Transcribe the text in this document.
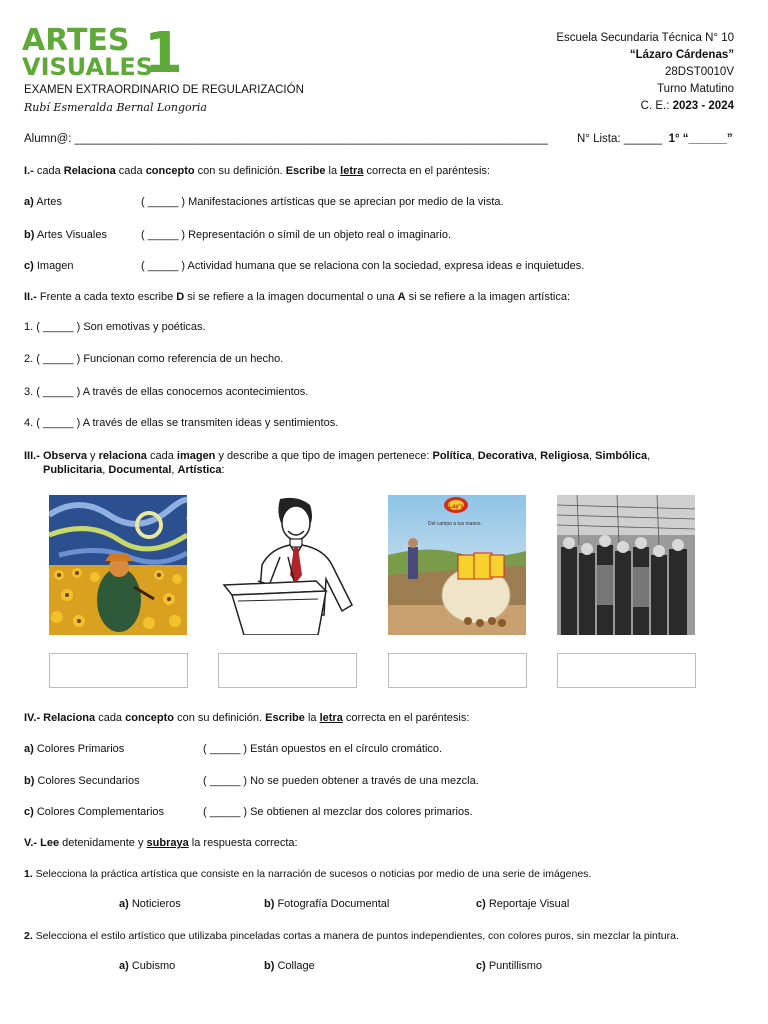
ARTES
VISUALES
1
EXAMEN EXTRAORDINARIO DE REGULARIZACIÓN
Rubí Esmeralda Bernal Longoria
Escuela Secundaria Técnica N° 10
“Lázaro Cárdenas”
28DST0010V
Turno Matutino
C. E.: 2023 - 2024
Alumn@: __________________________________________________________________________	N° Lista: ______ 1° “______”
I.- cada Relaciona cada concepto con su definición. Escribe la letra correcta en el paréntesis:
a) Artes	( _____ ) Manifestaciones artísticas que se aprecian por medio de la vista.
b) Artes Visuales	( _____ ) Representación o símil de un objeto real o imaginario.
c) Imagen	( _____ ) Actividad humana que se relaciona con la sociedad, expresa ideas e inquietudes.
II.- Frente a cada texto escribe D si se refiere a la imagen documental o una A si se refiere a la imagen artística:
1. ( _____ ) Son emotivas y poéticas.
2. ( _____ ) Funcionan como referencia de un hecho.
3. ( _____ ) A través de ellas conocemos acontecimientos.
4. ( _____ ) A través de ellas se transmiten ideas y sentimientos.
III.- Observa y relaciona cada imagen y describe a que tipo de imagen pertenece: Política, Decorativa, Religiosa, Simbólica,
Publicitaria, Documental, Artística:
Lay's
Del campo a tus manos.
IV.- Relaciona cada concepto con su definición. Escribe la letra correcta en el paréntesis:
a) Colores Primarios	( _____ ) Están opuestos en el círculo cromático.
b) Colores Secundarios	( _____ ) No se pueden obtener a través de una mezcla.
c) Colores Complementarios	( _____ ) Se obtienen al mezclar dos colores primarios.
V.- Lee detenidamente y subraya la respuesta correcta:
1. Selecciona la práctica artística que consiste en la narración de sucesos o noticias por medio de una serie de imágenes.
a) Noticieros	b) Fotografía Documental	c) Reportaje Visual
2. Selecciona el estilo artístico que utilizaba pinceladas cortas a manera de puntos independientes, con colores puros, sin mezclar la pintura.
a) Cubismo	b) Collage	c) Puntillismo
